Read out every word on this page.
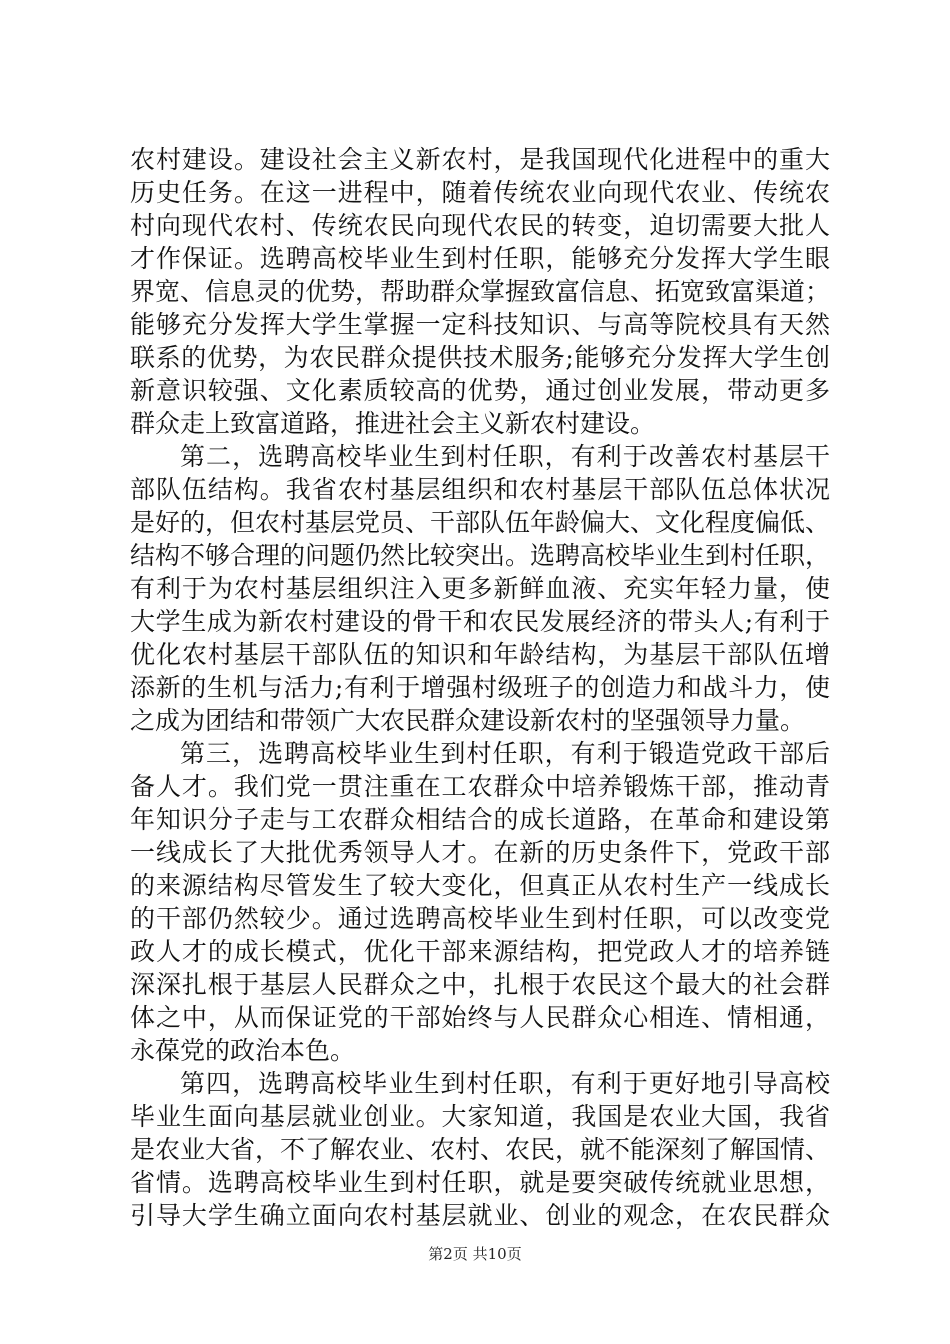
农村建设。建设社会主义新农村，是我国现代化进程中的重大
历史任务。在这一进程中，随着传统农业向现代农业、传统农
村向现代农村、传统农民向现代农民的转变，迫切需要大批人
才作保证。选聘高校毕业生到村任职，能够充分发挥大学生眼
界宽、信息灵的优势，帮助群众掌握致富信息、拓宽致富渠道；
能够充分发挥大学生掌握一定科技知识、与高等院校具有天然
联系的优势，为农民群众提供技术服务;能够充分发挥大学生创
新意识较强、文化素质较高的优势，通过创业发展，带动更多
群众走上致富道路，推进社会主义新农村建设。
第二，选聘高校毕业生到村任职，有利于改善农村基层干
部队伍结构。我省农村基层组织和农村基层干部队伍总体状况
是好的，但农村基层党员、干部队伍年龄偏大、文化程度偏低、
结构不够合理的问题仍然比较突出。选聘高校毕业生到村任职，
有利于为农村基层组织注入更多新鲜血液、充实年轻力量，使
大学生成为新农村建设的骨干和农民发展经济的带头人;有利于
优化农村基层干部队伍的知识和年龄结构，为基层干部队伍增
添新的生机与活力;有利于增强村级班子的创造力和战斗力，使
之成为团结和带领广大农民群众建设新农村的坚强领导力量。
第三，选聘高校毕业生到村任职，有利于锻造党政干部后
备人才。我们党一贯注重在工农群众中培养锻炼干部，推动青
年知识分子走与工农群众相结合的成长道路，在革命和建设第
一线成长了大批优秀领导人才。在新的历史条件下，党政干部
的来源结构尽管发生了较大变化，但真正从农村生产一线成长
的干部仍然较少。通过选聘高校毕业生到村任职，可以改变党
政人才的成长模式，优化干部来源结构，把党政人才的培养链
深深扎根于基层人民群众之中，扎根于农民这个最大的社会群
体之中，从而保证党的干部始终与人民群众心相连、情相通，
永葆党的政治本色。
第四，选聘高校毕业生到村任职，有利于更好地引导高校
毕业生面向基层就业创业。大家知道，我国是农业大国，我省
是农业大省，不了解农业、农村、农民，就不能深刻了解国情、
省情。选聘高校毕业生到村任职，就是要突破传统就业思想，
引导大学生确立面向农村基层就业、创业的观念，在农民群众
第2页 共10页
